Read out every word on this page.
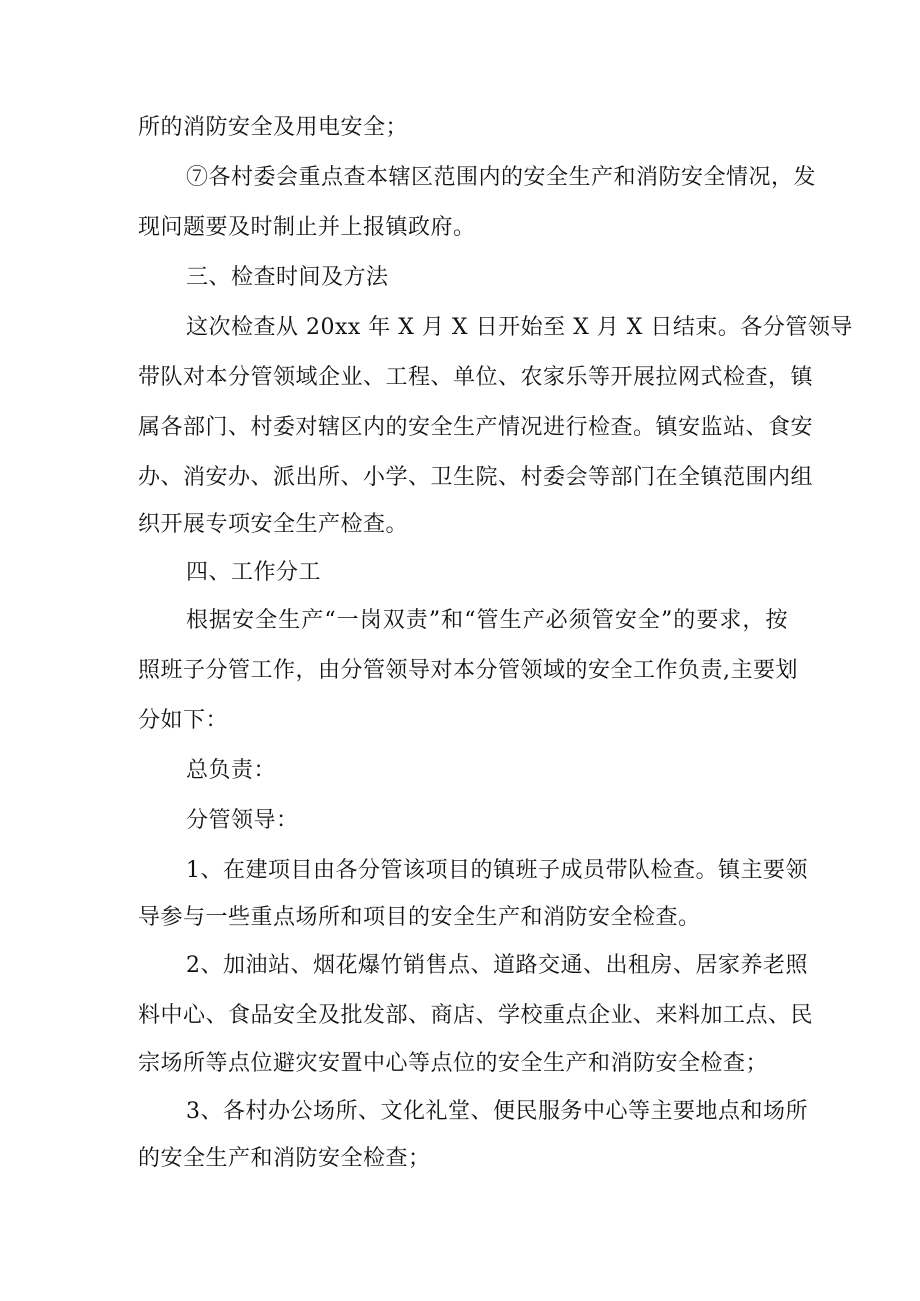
所的消防安全及用电安全；
⑦各村委会重点查本辖区范围内的安全生产和消防安全情况，发
现问题要及时制止并上报镇政府。
三、检查时间及方法
这次检查从 20xx 年 X 月 X 日开始至 X 月 X 日结束。各分管领导
带队对本分管领域企业、工程、单位、农家乐等开展拉网式检查，镇
属各部门、村委对辖区内的安全生产情况进行检查。镇安监站、食安
办、消安办、派出所、小学、卫生院、村委会等部门在全镇范围内组
织开展专项安全生产检查。
四、工作分工
根据安全生产“一岗双责”和“管生产必须管安全”的要求，按
照班子分管工作，由分管领导对本分管领域的安全工作负责,主要划
分如下：
总负责：
分管领导：
1、在建项目由各分管该项目的镇班子成员带队检查。镇主要领
导参与一些重点场所和项目的安全生产和消防安全检查。
2、加油站、烟花爆竹销售点、道路交通、出租房、居家养老照
料中心、食品安全及批发部、商店、学校重点企业、来料加工点、民
宗场所等点位避灾安置中心等点位的安全生产和消防安全检查；
3、各村办公场所、文化礼堂、便民服务中心等主要地点和场所
的安全生产和消防安全检查；
